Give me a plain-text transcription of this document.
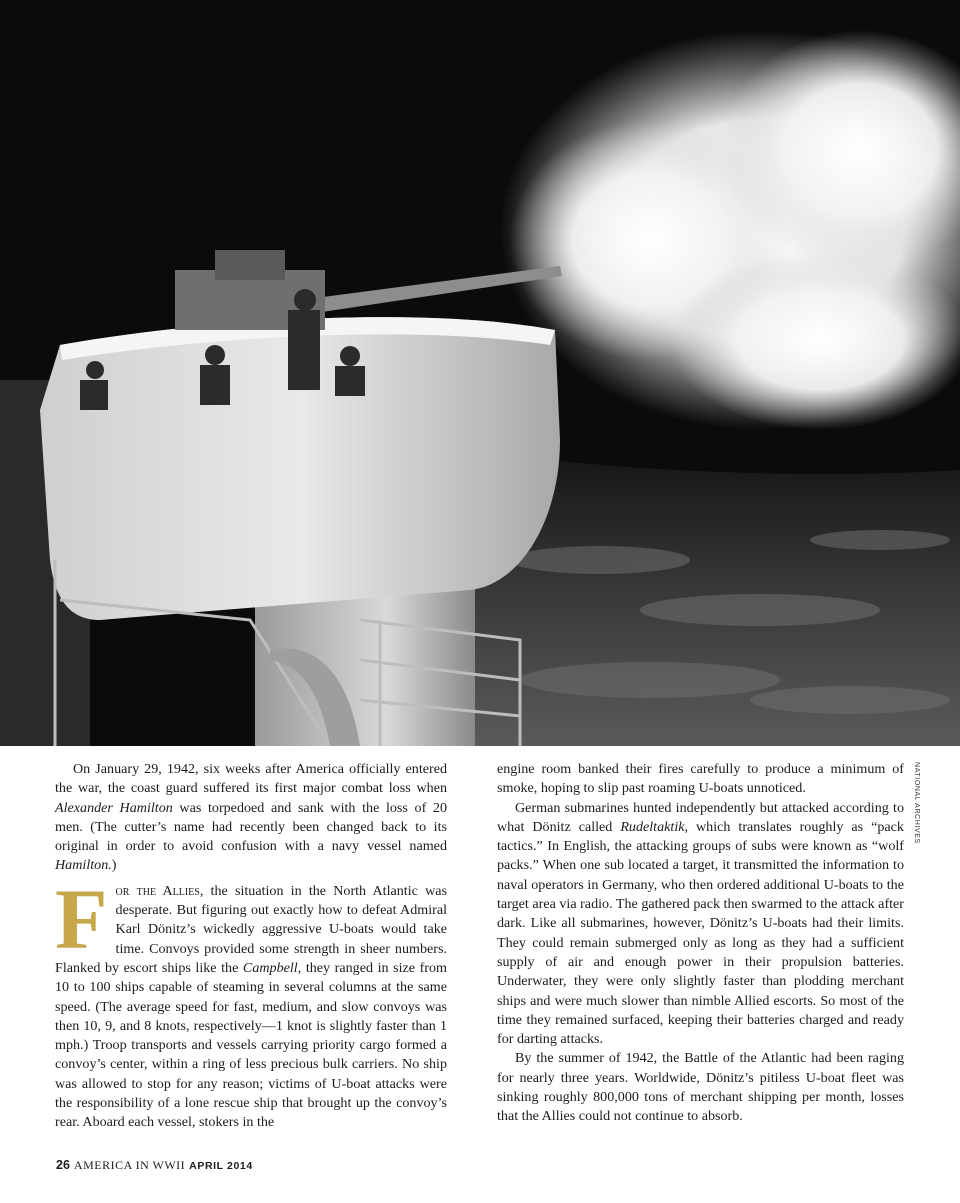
NATIONAL ARCHIVES

On January 29, 1942, six weeks after America officially entered the war, the coast guard suffered its first major combat loss when Alexander Hamilton was torpedoed and sank with the loss of 20 men. (The cutter’s name had recently been changed back to its original in order to avoid confusion with a navy vessel named Hamilton.)

For the Allies, the situation in the North Atlantic was desperate. But figuring out exactly how to defeat Admiral Karl Dönitz’s wickedly aggressive U-boats would take time. Convoys provided some strength in sheer numbers. Flanked by escort ships like the Campbell, they ranged in size from 10 to 100 ships capable of steaming in several columns at the same speed. (The average speed for fast, medium, and slow convoys was then 10, 9, and 8 knots, respectively—1 knot is slightly faster than 1 mph.) Troop transports and vessels carrying priority cargo formed a convoy’s center, within a ring of less precious bulk carriers. No ship was allowed to stop for any reason; victims of U-boat attacks were the responsibility of a lone rescue ship that brought up the convoy’s rear. Aboard each vessel, stokers in the

engine room banked their fires carefully to produce a minimum of smoke, hoping to slip past roaming U-boats unnoticed.

German submarines hunted independently but attacked according to what Dönitz called Rudeltaktik, which translates roughly as “pack tactics.” In English, the attacking groups of subs were known as “wolf packs.” When one sub located a target, it transmitted the information to naval operators in Germany, who then ordered additional U-boats to the target area via radio. The gathered pack then swarmed to the attack after dark. Like all submarines, however, Dönitz’s U-boats had their limits. They could remain submerged only as long as they had a sufficient supply of air and enough power in their propulsion batteries. Underwater, they were only slightly faster than plodding merchant ships and were much slower than nimble Allied escorts. So most of the time they remained surfaced, keeping their batteries charged and ready for darting attacks.

By the summer of 1942, the Battle of the Atlantic had been raging for nearly three years. Worldwide, Dönitz’s pitiless U-boat fleet was sinking roughly 800,000 tons of merchant shipping per month, losses that the Allies could not continue to absorb.

26 AMERICA IN WWII APRIL 2014
